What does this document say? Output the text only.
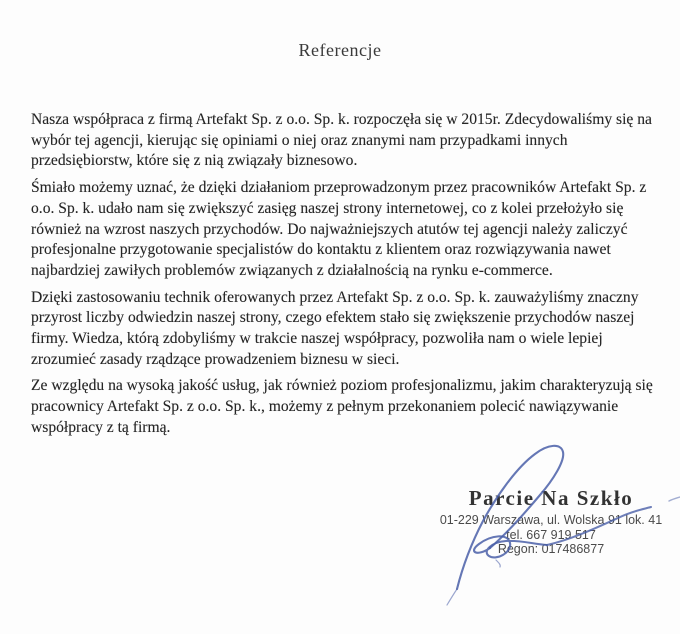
Referencje

Nasza współpraca z firmą Artefakt Sp. z o.o. Sp. k. rozpoczęła się w 2015r. Zdecydowaliśmy się na wybór tej agencji, kierując się opiniami o niej oraz znanymi nam przypadkami innych przedsiębiorstw, które się z nią związały biznesowo.

Śmiało możemy uznać, że dzięki działaniom przeprowadzonym przez pracowników Artefakt Sp. z o.o. Sp. k. udało nam się zwiększyć zasięg naszej strony internetowej, co z kolei przełożyło się również na wzrost naszych przychodów. Do najważniejszych atutów tej agencji należy zaliczyć profesjonalne przygotowanie specjalistów do kontaktu z klientem oraz rozwiązywania nawet najbardziej zawiłych problemów związanych z działalnością na rynku e-commerce.

Dzięki zastosowaniu technik oferowanych przez Artefakt Sp. z o.o. Sp. k. zauważyliśmy znaczny przyrost liczby odwiedzin naszej strony, czego efektem stało się zwiększenie przychodów naszej firmy. Wiedza, którą zdobyliśmy w trakcie naszej współpracy, pozwoliła nam o wiele lepiej zrozumieć zasady rządzące prowadzeniem biznesu w sieci.

Ze względu na wysoką jakość usług, jak również poziom profesjonalizmu, jakim charakteryzują się pracownicy Artefakt Sp. z o.o. Sp. k., możemy z pełnym przekonaniem polecić nawiązywanie współpracy z tą firmą.

Parcie Na Szkło
01-229 Warszawa, ul. Wolska 91 lok. 41
tel. 667 919 517
Regon: 017486877
